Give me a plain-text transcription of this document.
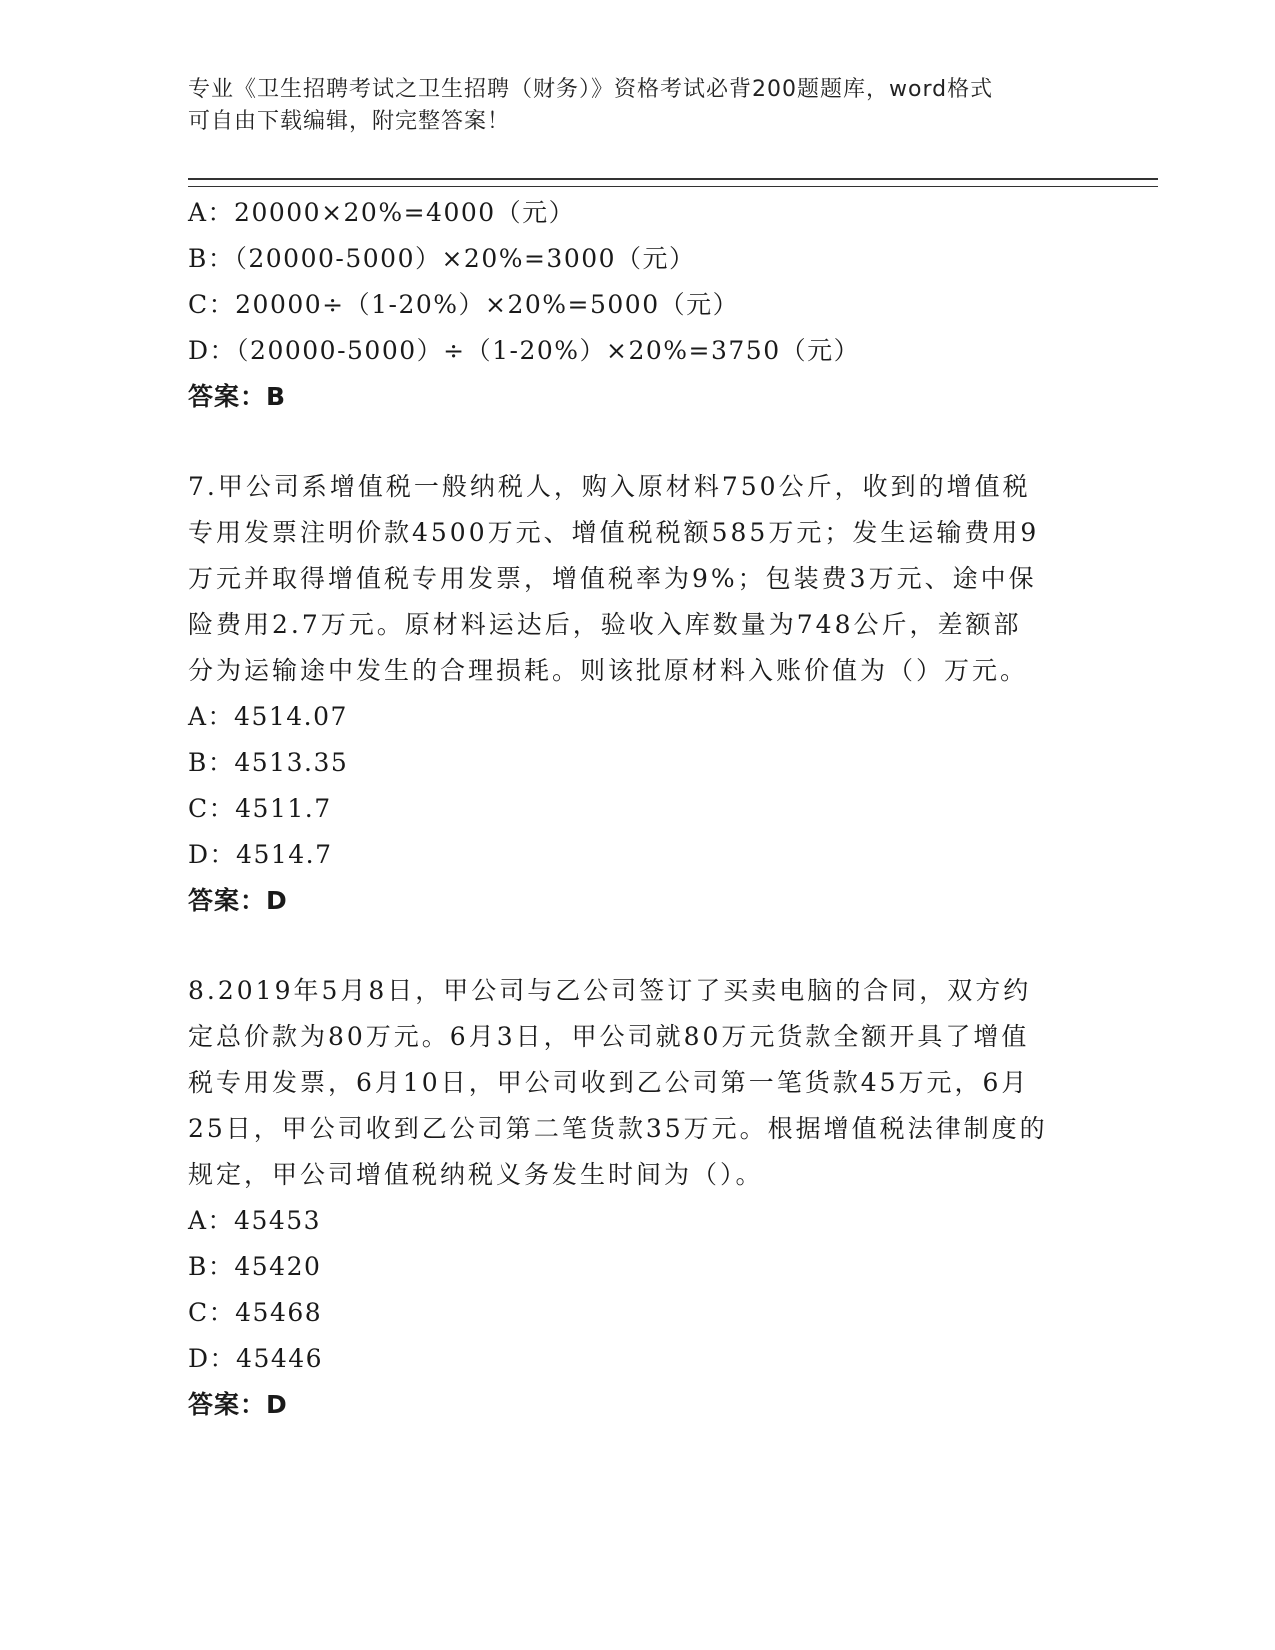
专业《卫生招聘考试之卫生招聘（财务）》资格考试必背200题题库，word格式
可自由下载编辑，附完整答案！
A：20000×20%=4000（元）
B：（20000-5000）×20%=3000（元）
C：20000÷（1-20%）×20%=5000（元）
D：（20000-5000）÷（1-20%）×20%=3750（元）
答案：B
7.甲公司系增值税一般纳税人，购入原材料750公斤，收到的增值税
专用发票注明价款4500万元、增值税税额585万元；发生运输费用9
万元并取得增值税专用发票，增值税率为9%；包装费3万元、途中保
险费用2.7万元。原材料运达后，验收入库数量为748公斤，差额部
分为运输途中发生的合理损耗。则该批原材料入账价值为（）万元。
A：4514.07
B：4513.35
C：4511.7
D：4514.7
答案：D
8.2019年5月8日，甲公司与乙公司签订了买卖电脑的合同，双方约
定总价款为80万元。6月3日，甲公司就80万元货款全额开具了增值
税专用发票，6月10日，甲公司收到乙公司第一笔货款45万元，6月
25日，甲公司收到乙公司第二笔货款35万元。根据增值税法律制度的
规定，甲公司增值税纳税义务发生时间为（）。
A：45453
B：45420
C：45468
D：45446
答案：D
